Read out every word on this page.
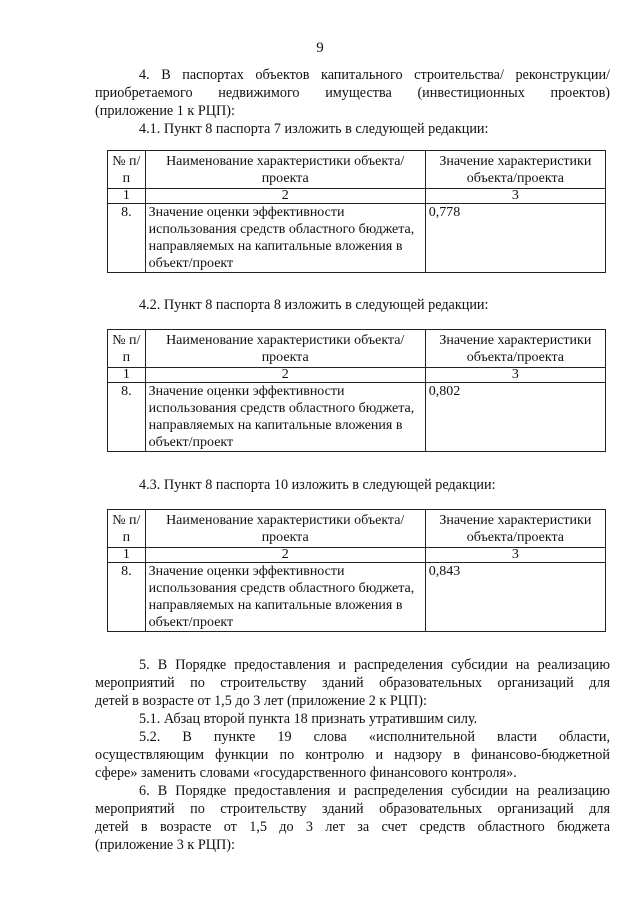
9
4. В паспортах объектов капитального строительства/ реконструкции/
приобретаемого недвижимого имущества (инвестиционных проектов)
(приложение 1 к РЦП):
4.1. Пункт 8 паспорта 7 изложить в следующей редакции:
№ п/п	Наименование характеристики объекта/проекта	Значение характеристики объекта/проекта
1	2	3
8.	Значение оценки эффективности использования средств областного бюджета, направляемых на капитальные вложения в объект/проект	0,778
4.2. Пункт 8 паспорта 8 изложить в следующей редакции:
№ п/п	Наименование характеристики объекта/проекта	Значение характеристики объекта/проекта
1	2	3
8.	Значение оценки эффективности использования средств областного бюджета, направляемых на капитальные вложения в объект/проект	0,802
4.3. Пункт 8 паспорта 10 изложить в следующей редакции:
№ п/п	Наименование характеристики объекта/проекта	Значение характеристики объекта/проекта
1	2	3
8.	Значение оценки эффективности использования средств областного бюджета, направляемых на капитальные вложения в объект/проект	0,843
5. В Порядке предоставления и распределения субсидии на реализацию
мероприятий по строительству зданий образовательных организаций для
детей в возрасте от 1,5 до 3 лет (приложение 2 к РЦП):
5.1. Абзац второй пункта 18 признать утратившим силу.
5.2. В пункте 19 слова «исполнительной власти области,
осуществляющим функции по контролю и надзору в финансово-бюджетной
сфере» заменить словами «государственного финансового контроля».
6. В Порядке предоставления и распределения субсидии на реализацию
мероприятий по строительству зданий образовательных организаций для
детей в возрасте от 1,5 до 3 лет за счет средств областного бюджета
(приложение 3 к РЦП):
